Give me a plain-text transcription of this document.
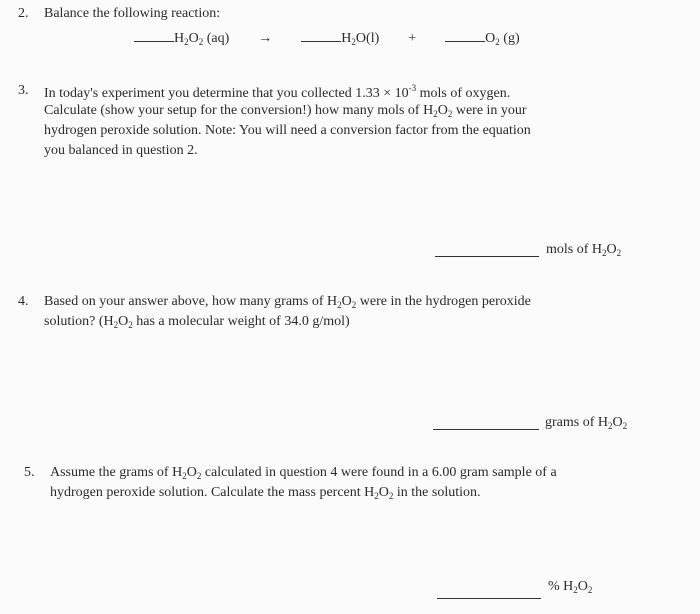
2. Balance the following reaction:
$H_2O_2$ (aq) →	$H_2O(l)$ +	$O_2$ (g)
3. In today's experiment you determine that you collected $1.33 \times 10^{-3}$ mols of oxygen.
Calculate (show your setup for the conversion!) how many mols of $H_2O_2$ were in your
hydrogen peroxide solution. Note: You will need a conversion factor from the equation
you balanced in question 2.
mols of $H_2O_2$
4. Based on your answer above, how many grams of $H_2O_2$ were in the hydrogen peroxide
solution? ($H_2O_2$ has a molecular weight of 34.0 g/mol)
grams of $H_2O_2$
5. Assume the grams of $H_2O_2$ calculated in question 4 were found in a 6.00 gram sample of a
hydrogen peroxide solution. Calculate the mass percent $H_2O_2$ in the solution.
% $H_2O_2$
